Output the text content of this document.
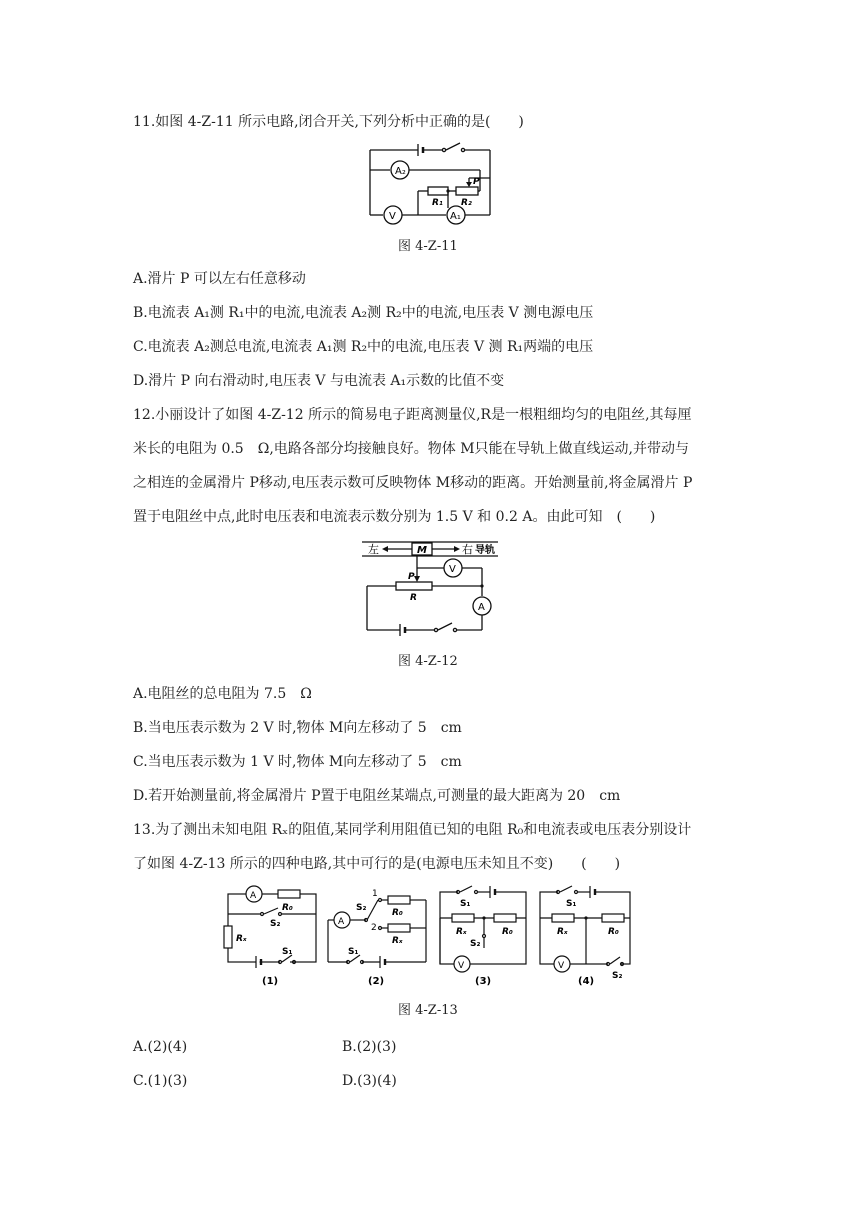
11.如图 4-Z-11 所示电路,闭合开关,下列分析中正确的是(　　)
A₂
V	A₁
R₁ R₂
P
图 4-Z-11
A.滑片 P 可以左右任意移动
B.电流表 A₁测 R₁中的电流,电流表 A₂测 R₂中的电流,电压表 V 测电源电压
C.电流表 A₂测总电流,电流表 A₁测 R₂中的电流,电压表 V 测 R₁两端的电压
D.滑片 P 向右滑动时,电压表 V 与电流表 A₁示数的比值不变
12.小丽设计了如图 4-Z-12 所示的简易电子距离测量仪,R是一根粗细均匀的电阻丝,其每厘
米长的电阻为 0.5　Ω,电路各部分均接触良好。物体 M只能在导轨上做直线运动,并带动与
之相连的金属滑片 P移动,电压表示数可反映物体 M移动的距离。开始测量前,将金属滑片 P
置于电阻丝中点,此时电压表和电流表示数分别为 1.5 V 和 0.2 A。由此可知　(　　)
左	M	右 导轨
P
R
V
A
图 4-Z-12
A.电阻丝的总电阻为 7.5　Ω
B.当电压表示数为 2 V 时,物体 M向左移动了 5　cm
C.当电压表示数为 1 V 时,物体 M向左移动了 5　cm
D.若开始测量前,将金属滑片 P置于电阻丝某端点,可测量的最大距离为 20　cm
13.为了测出未知电阻 Rₓ的阻值,某同学利用阻值已知的电阻 R₀和电流表或电压表分别设计
了如图 4-Z-13 所示的四种电路,其中可行的是(电源电压未知且不变)　　(　　)
A
R₀
S₂
Rₓ
S₁
(1)
A
S₂
1
2
R₀
Rₓ
S₁
(2)
S₁
Rₓ
S₂
R₀
V
(3)
S₁
Rₓ	R₀
V
S₂
(4)
图 4-Z-13
A.(2)(4)	B.(2)(3)
C.(1)(3)	D.(3)(4)
